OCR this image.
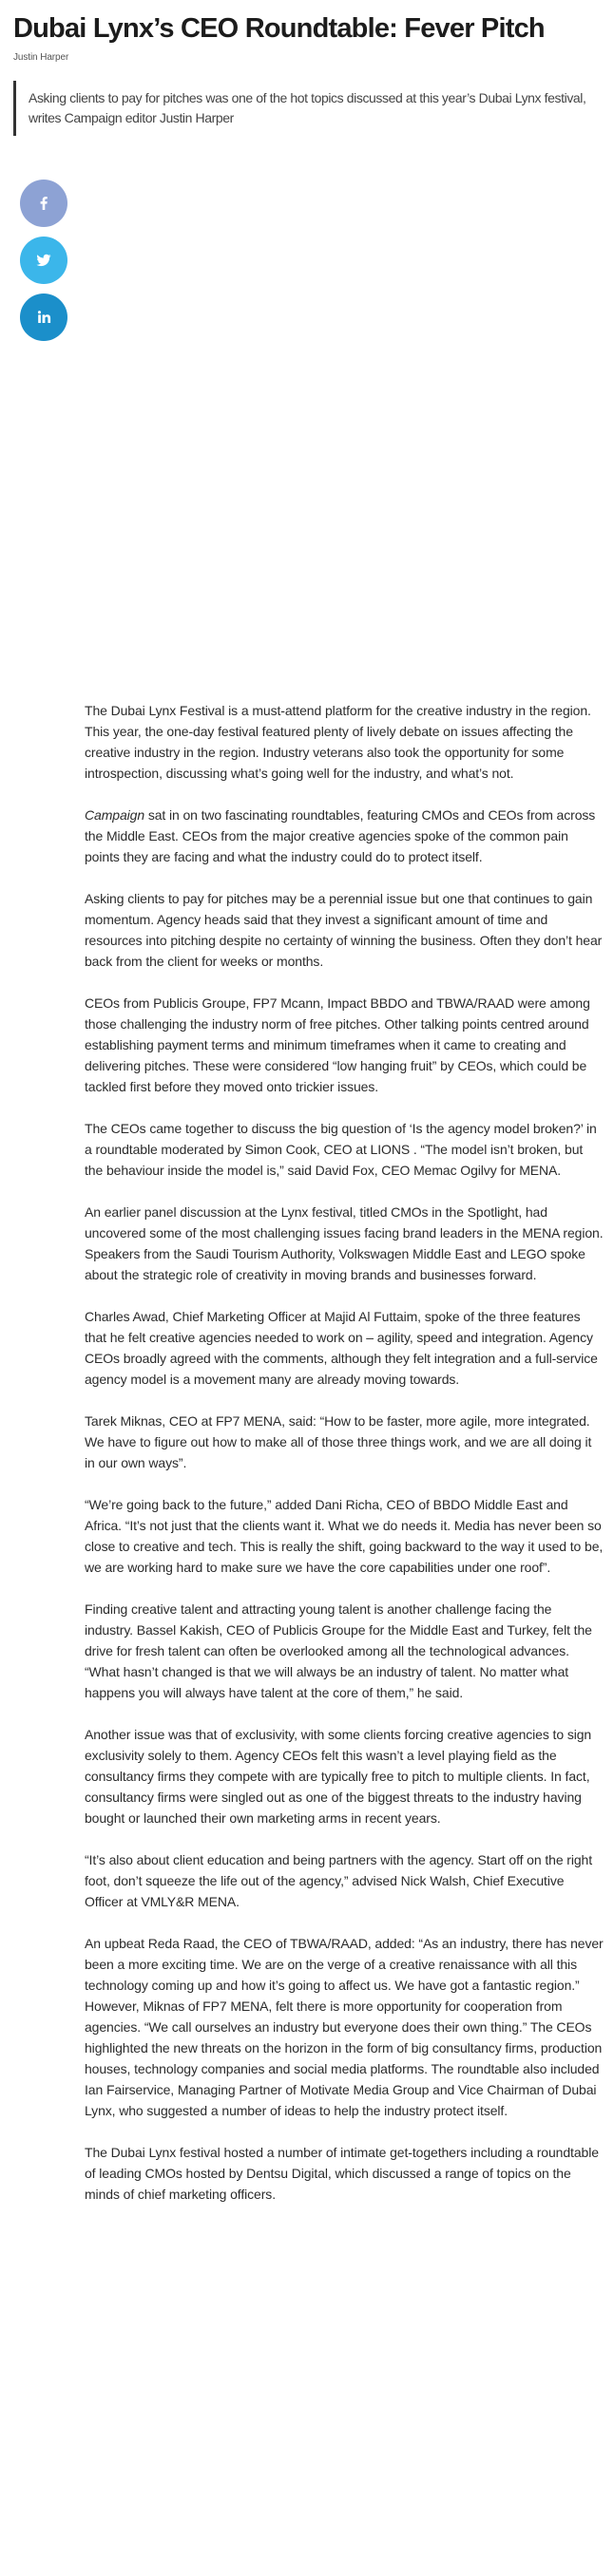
Dubai Lynx’s CEO Roundtable: Fever Pitch
Justin Harper
Asking clients to pay for pitches was one of the hot topics discussed at this year’s Dubai Lynx festival, writes Campaign editor Justin Harper

The Dubai Lynx Festival is a must-attend platform for the creative industry in the region. This year, the one-day festival featured plenty of lively debate on issues affecting the creative industry in the region. Industry veterans also took the opportunity for some introspection, discussing what’s going well for the industry, and what’s not.

Campaign sat in on two fascinating roundtables, featuring CMOs and CEOs from across the Middle East. CEOs from the major creative agencies spoke of the common pain points they are facing and what the industry could do to protect itself.

Asking clients to pay for pitches may be a perennial issue but one that continues to gain momentum. Agency heads said that they invest a significant amount of time and resources into pitching despite no certainty of winning the business. Often they don’t hear back from the client for weeks or months.

CEOs from Publicis Groupe, FP7 Mcann, Impact BBDO and TBWA/RAAD were among those challenging the industry norm of free pitches. Other talking points centred around establishing payment terms and minimum timeframes when it came to creating and delivering pitches. These were considered “low hanging fruit” by CEOs, which could be tackled first before they moved onto trickier issues.

The CEOs came together to discuss the big question of ‘Is the agency model broken?’ in a roundtable moderated by Simon Cook, CEO at LIONS . “The model isn’t broken, but the behaviour inside the model is,” said David Fox, CEO Memac Ogilvy for MENA.

An earlier panel discussion at the Lynx festival, titled CMOs in the Spotlight, had uncovered some of the most challenging issues facing brand leaders in the MENA region. Speakers from the Saudi Tourism Authority, Volkswagen Middle East and LEGO spoke about the strategic role of creativity in moving brands and businesses forward.

Charles Awad, Chief Marketing Officer at Majid Al Futtaim, spoke of the three features that he felt creative agencies needed to work on – agility, speed and integration. Agency CEOs broadly agreed with the comments, although they felt integration and a full-service agency model is a movement many are already moving towards.

Tarek Miknas, CEO at FP7 MENA, said: “How to be faster, more agile, more integrated. We have to figure out how to make all of those three things work, and we are all doing it in our own ways”.

“We’re going back to the future,” added Dani Richa, CEO of BBDO Middle East and Africa. “It’s not just that the clients want it. What we do needs it. Media has never been so close to creative and tech. This is really the shift, going backward to the way it used to be, we are working hard to make sure we have the core capabilities under one roof”.

Finding creative talent and attracting young talent is another challenge facing the industry. Bassel Kakish, CEO of Publicis Groupe for the Middle East and Turkey, felt the drive for fresh talent can often be overlooked among all the technological advances. “What hasn’t changed is that we will always be an industry of talent. No matter what happens you will always have talent at the core of them,” he said.

Another issue was that of exclusivity, with some clients forcing creative agencies to sign exclusivity solely to them. Agency CEOs felt this wasn’t a level playing field as the consultancy firms they compete with are typically free to pitch to multiple clients. In fact, consultancy firms were singled out as one of the biggest threats to the industry having bought or launched their own marketing arms in recent years.

“It’s also about client education and being partners with the agency. Start off on the right foot, don’t squeeze the life out of the agency,” advised Nick Walsh, Chief Executive Officer at VMLY&R MENA.

An upbeat Reda Raad, the CEO of TBWA/RAAD, added: “As an industry, there has never been a more exciting time. We are on the verge of a creative renaissance with all this technology coming up and how it’s going to affect us. We have got a fantastic region.” However, Miknas of FP7 MENA, felt there is more opportunity for cooperation from agencies. “We call ourselves an industry but everyone does their own thing.” The CEOs highlighted the new threats on the horizon in the form of big consultancy firms, production houses, technology companies and social media platforms. The roundtable also included Ian Fairservice, Managing Partner of Motivate Media Group and Vice Chairman of Dubai Lynx, who suggested a number of ideas to help the industry protect itself.

The Dubai Lynx festival hosted a number of intimate get-togethers including a roundtable of leading CMOs hosted by Dentsu Digital, which discussed a range of topics on the minds of chief marketing officers.
